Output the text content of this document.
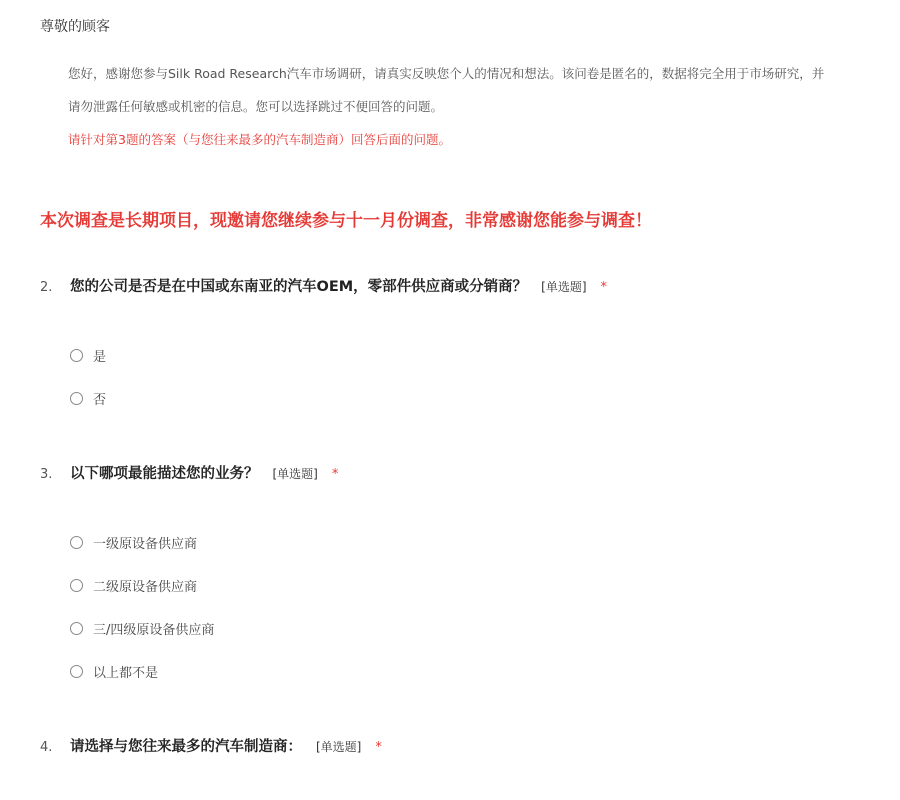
尊敬的顾客
您好，感谢您参与Silk Road Research汽车市场调研，请真实反映您个人的情况和想法。该问卷是匿名的，数据将完全用于市场研究，并
请勿泄露任何敏感或机密的信息。您可以选择跳过不便回答的问题。
请针对第3题的答案（与您往来最多的汽车制造商）回答后面的问题。
本次调查是长期项目，现邀请您继续参与十一月份调查，非常感谢您能参与调查！
2. 您的公司是否是在中国或东南亚的汽车OEM，零部件供应商或分销商？ [单选题] *
是
否
3. 以下哪项最能描述您的业务？ [单选题] *
一级原设备供应商
二级原设备供应商
三/四级原设备供应商
以上都不是
4. 请选择与您往来最多的汽车制造商： [单选题] *
